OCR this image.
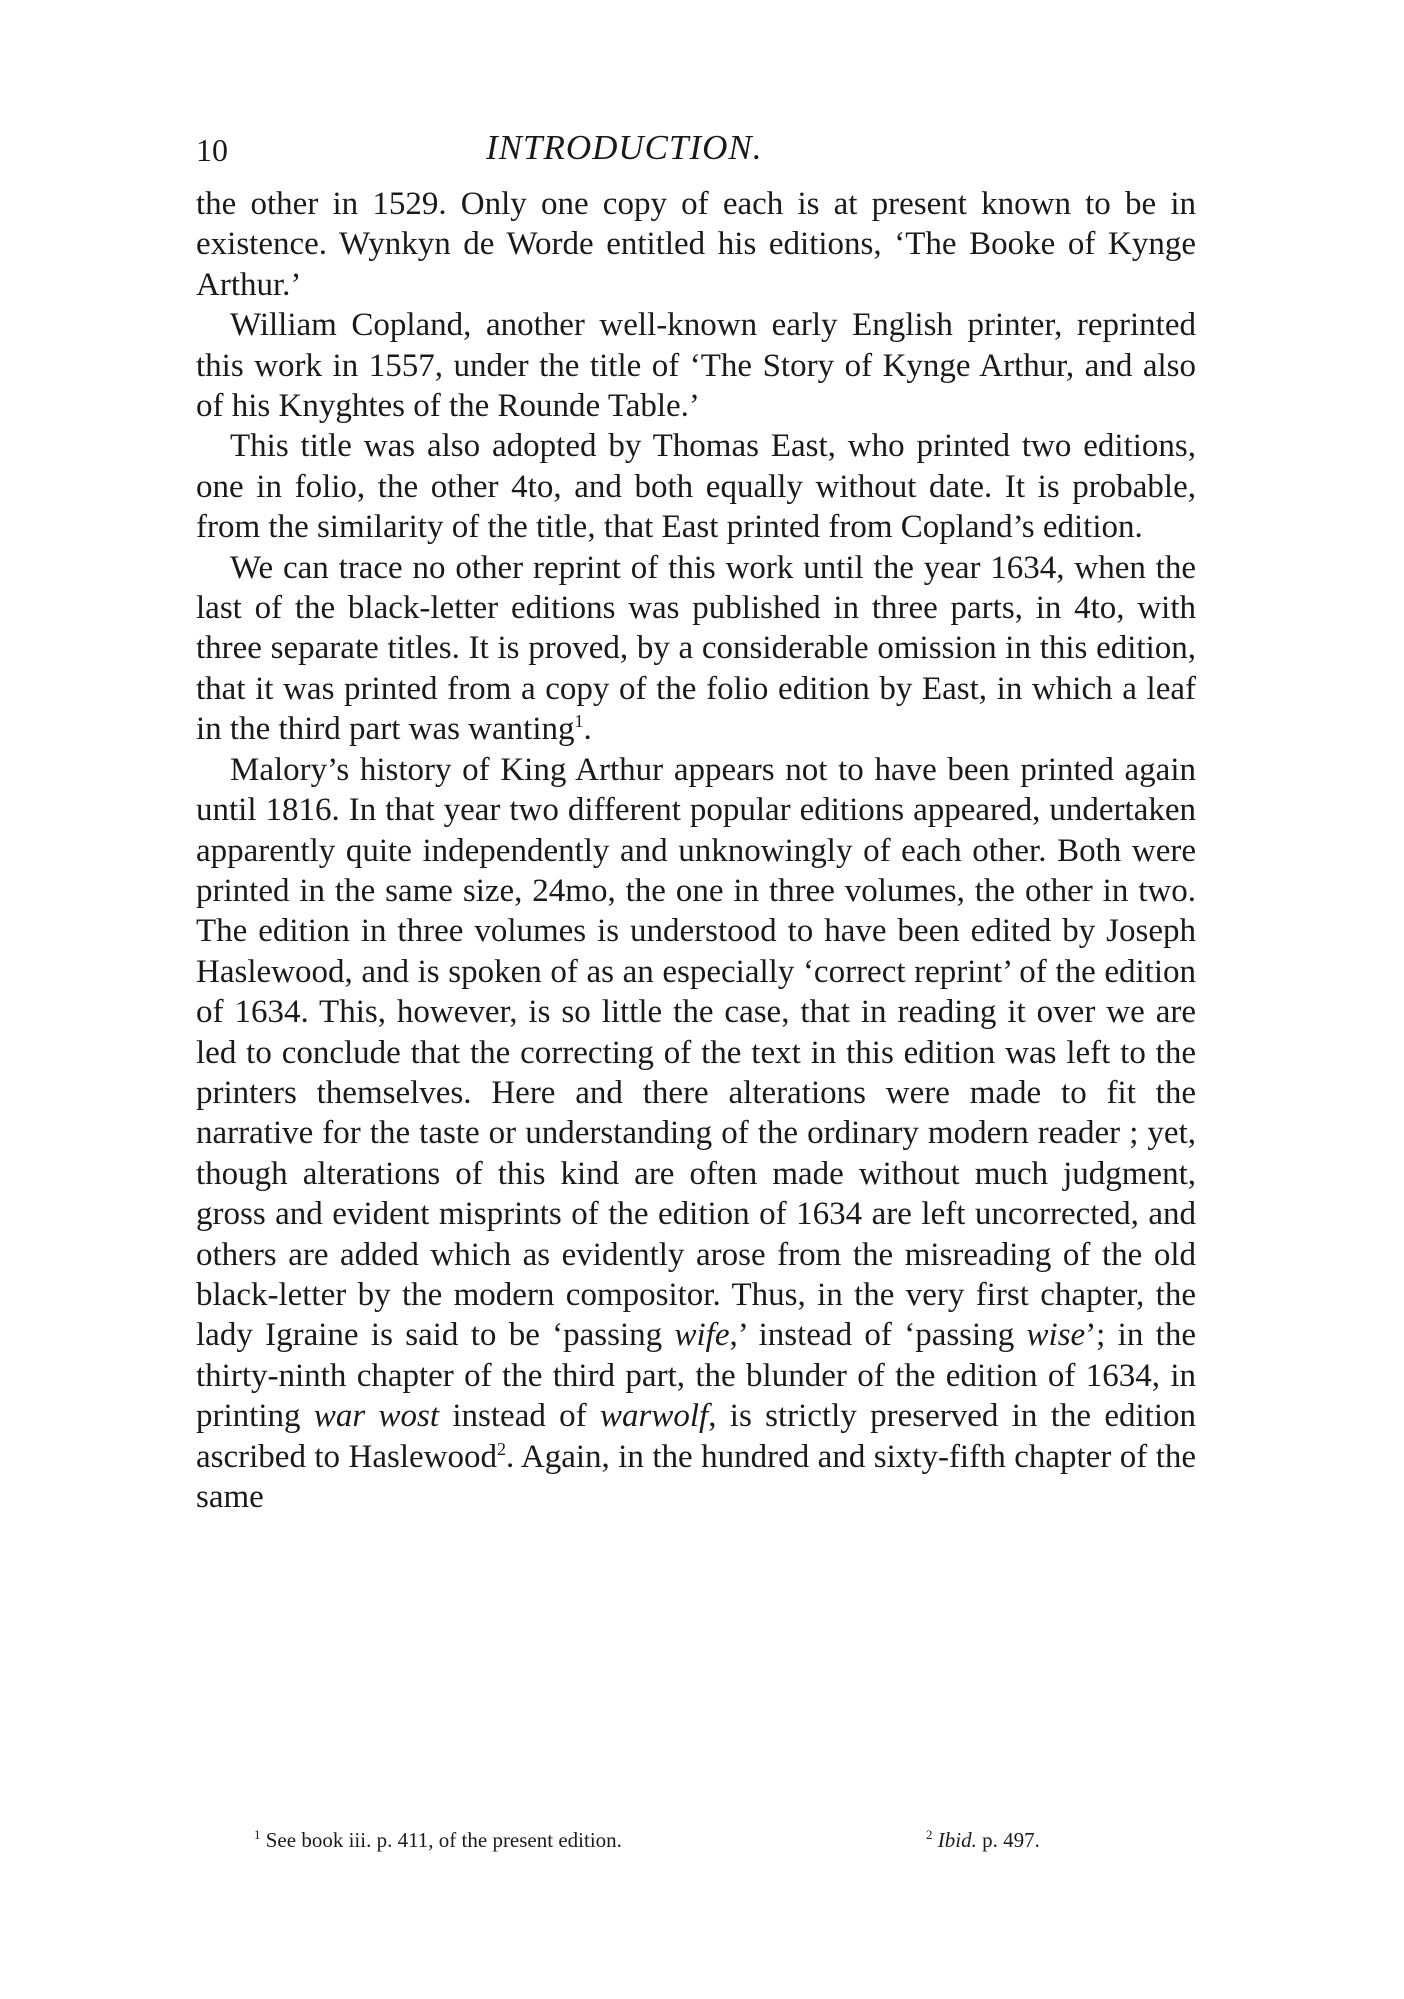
10	INTRODUCTION.

the other in 1529. Only one copy of each is at present known to be in existence. Wynkyn de Worde entitled his editions, ‘The Booke of Kynge Arthur.’

William Copland, another well-known early English printer, reprinted this work in 1557, under the title of ‘The Story of Kynge Arthur, and also of his Knyghtes of the Rounde Table.’

This title was also adopted by Thomas East, who printed two editions, one in folio, the other 4to, and both equally without date. It is probable, from the similarity of the title, that East printed from Copland’s edition.

We can trace no other reprint of this work until the year 1634, when the last of the black-letter editions was published in three parts, in 4to, with three separate titles. It is proved, by a considerable omission in this edition, that it was printed from a copy of the folio edition by East, in which a leaf in the third part was wanting$^1$.

Malory’s history of King Arthur appears not to have been printed again until 1816. In that year two different popular editions appeared, undertaken apparently quite independently and unknowingly of each other. Both were printed in the same size, 24mo, the one in three volumes, the other in two. The edition in three volumes is understood to have been edited by Joseph Haslewood, and is spoken of as an especially ‘correct reprint’ of the edition of 1634. This, however, is so little the case, that in reading it over we are led to conclude that the correcting of the text in this edition was left to the printers themselves. Here and there alterations were made to fit the narrative for the taste or understanding of the ordinary modern reader ; yet, though alterations of this kind are often made without much judgment, gross and evident misprints of the edition of 1634 are left uncorrected, and others are added which as evidently arose from the misreading of the old black-letter by the modern compositor. Thus, in the very first chapter, the lady Igraine is said to be ‘passing wife,’ instead of ‘passing wise’; in the thirty-ninth chapter of the third part, the blunder of the edition of 1634, in printing war wost instead of warwolf, is strictly preserved in the edition ascribed to Haslewood$^2$. Again, in the hundred and sixty-fifth chapter of the same

$^1$ See book iii. p. 411, of the present edition.	$^2$ Ibid. p. 497.
